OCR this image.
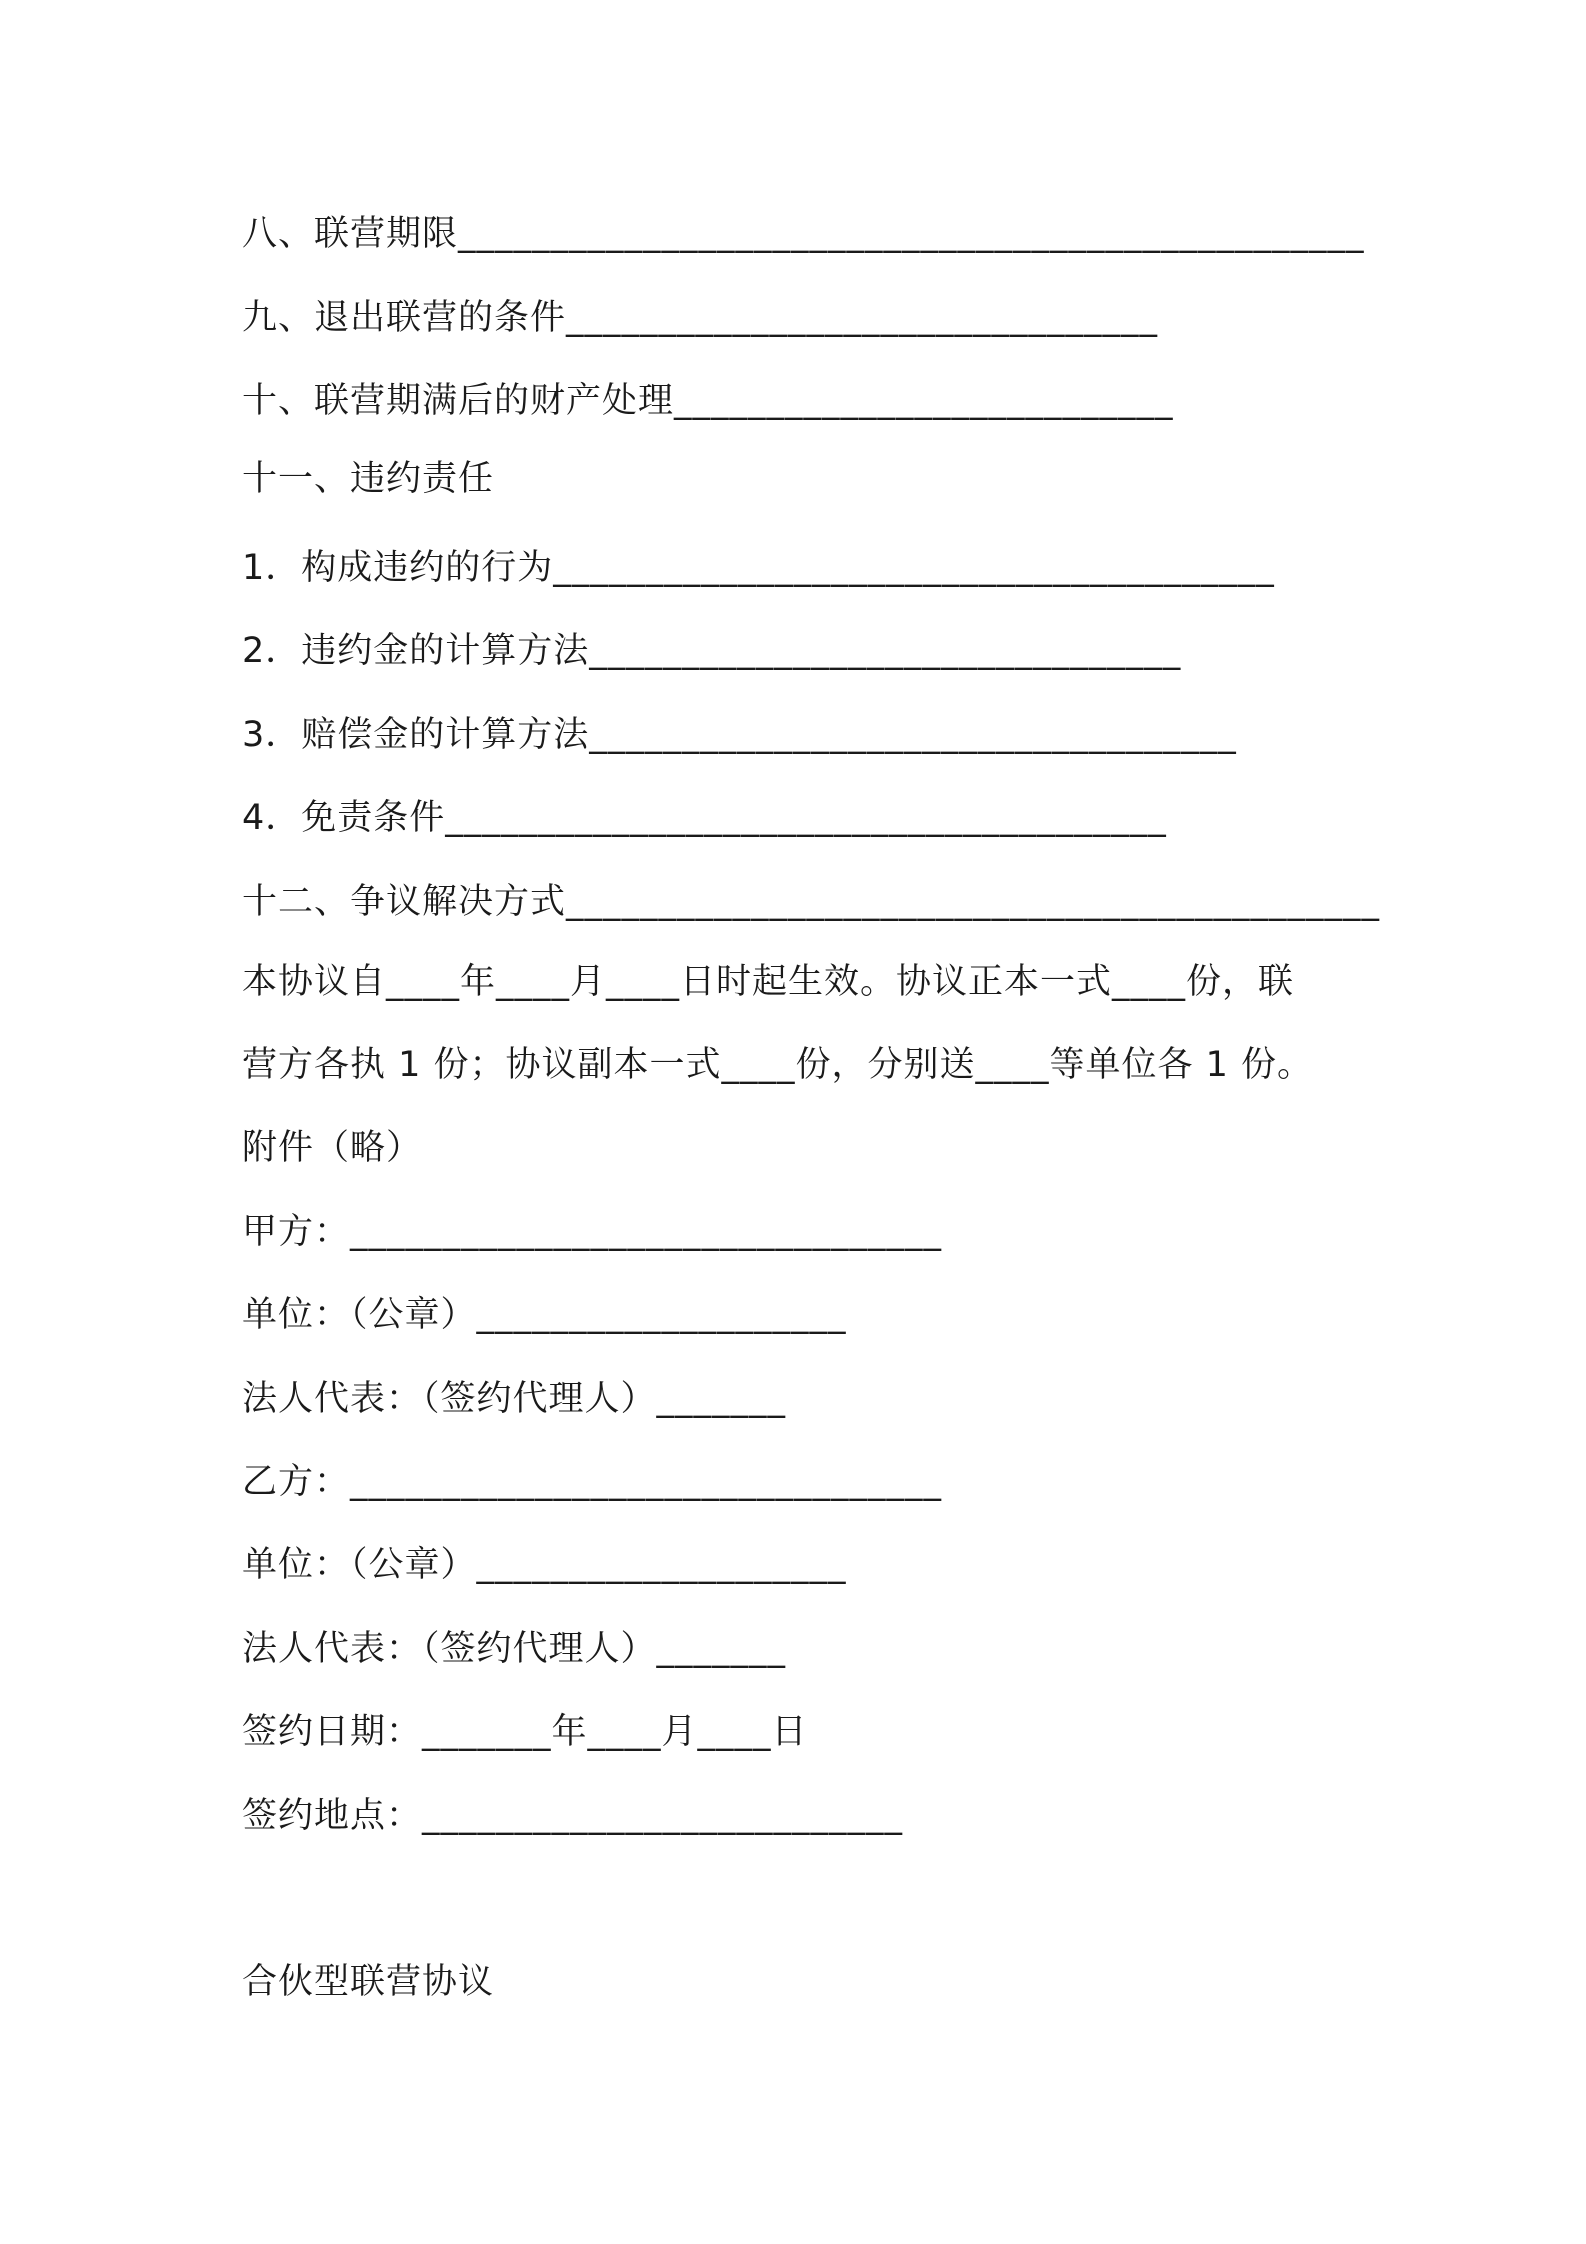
八、联营期限_________________________________________________
九、退出联营的条件________________________________
十、联营期满后的财产处理___________________________
十一、违约责任
1．构成违约的行为_______________________________________
2．违约金的计算方法________________________________
3．赔偿金的计算方法___________________________________
4．免责条件_______________________________________
十二、争议解决方式____________________________________________
本协议自____年____月____日时起生效。协议正本一式____份，联
营方各执 1 份；协议副本一式____份，分别送____等单位各 1 份。
附件（略）
甲方：________________________________
单位：（公章）____________________
法人代表：（签约代理人）_______
乙方：________________________________
单位：（公章）____________________
法人代表：（签约代理人）_______
签约日期：_______年____月____日
签约地点：__________________________
合伙型联营协议
